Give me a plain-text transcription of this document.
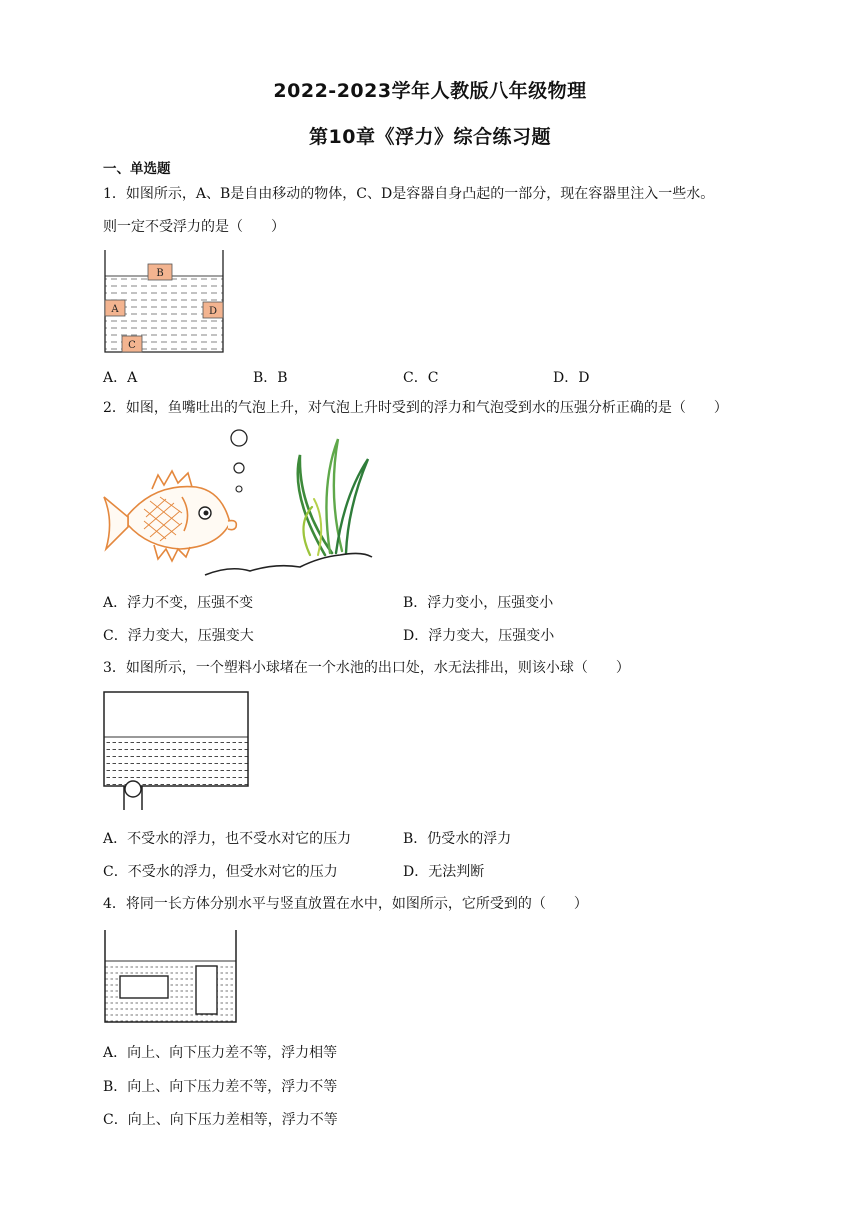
2022-2023学年人教版八年级物理
第10章《浮力》综合练习题
一、单选题
1．如图所示，A、B是自由移动的物体，C、D是容器自身凸起的一部分，现在容器里注入一些水。
则一定不受浮力的是（　　）
B
A	D
C
A．A	B．B	C．C	D．D
2．如图，鱼嘴吐出的气泡上升，对气泡上升时受到的浮力和气泡受到水的压强分析正确的是（　　）
A．浮力不变，压强不变	B．浮力变小，压强变小
C．浮力变大，压强变大	D．浮力变大，压强变小
3．如图所示，一个塑料小球堵在一个水池的出口处，水无法排出，则该小球（　　）
A．不受水的浮力，也不受水对它的压力	B．仍受水的浮力
C．不受水的浮力，但受水对它的压力	D．无法判断
4．将同一长方体分别水平与竖直放置在水中，如图所示，它所受到的（　　）
A．向上、向下压力差不等，浮力相等
B．向上、向下压力差不等，浮力不等
C．向上、向下压力差相等，浮力不等
